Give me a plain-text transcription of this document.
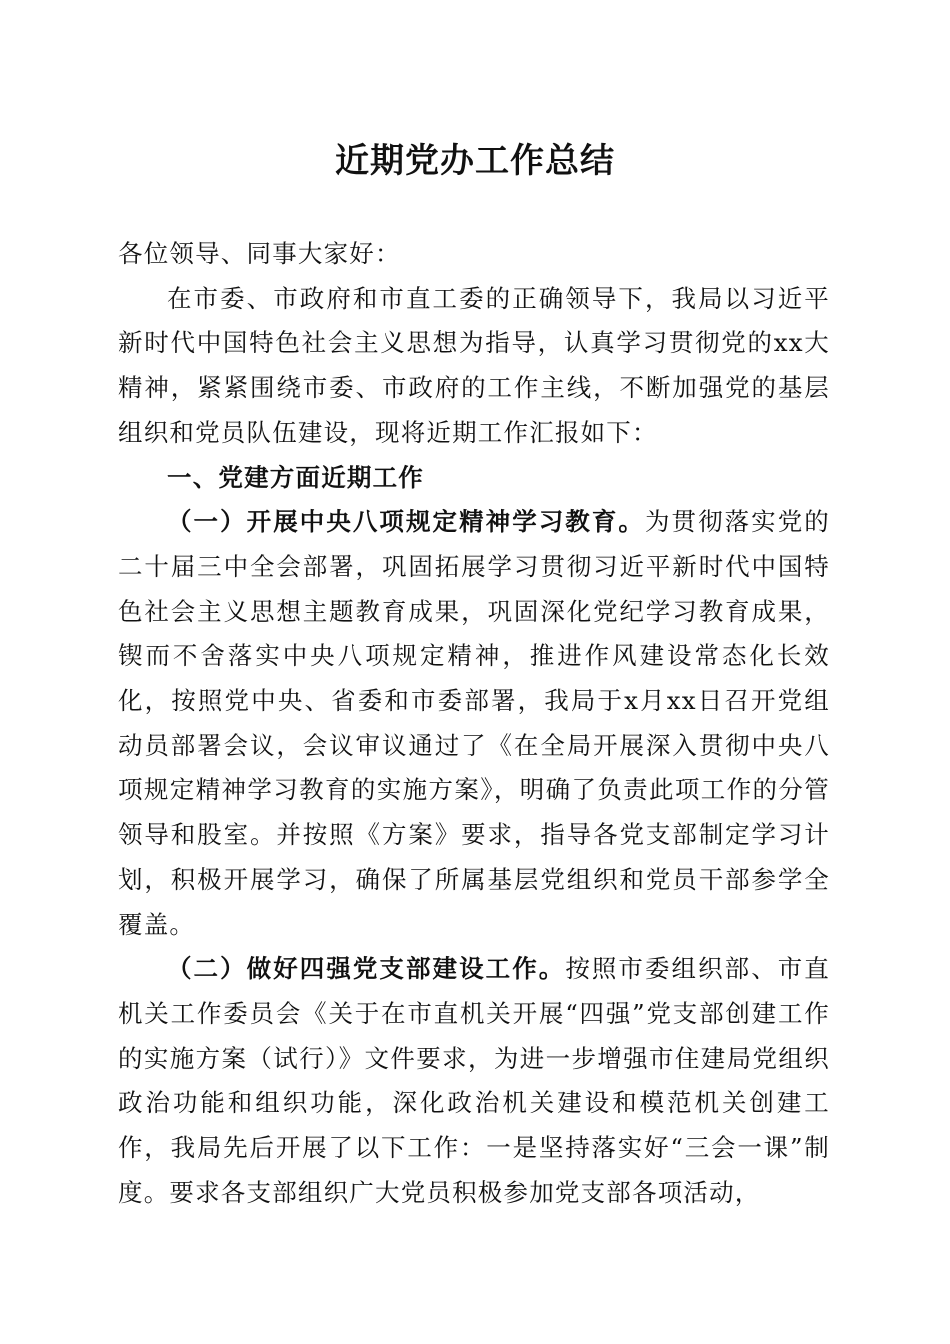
近期党办工作总结

各位领导、同事大家好：

在市委、市政府和市直工委的正确领导下，我局以习近平新时代中国特色社会主义思想为指导，认真学习贯彻党的xx大精神，紧紧围绕市委、市政府的工作主线，不断加强党的基层组织和党员队伍建设，现将近期工作汇报如下：

一、党建方面近期工作

（一）开展中央八项规定精神学习教育。为贯彻落实党的二十届三中全会部署，巩固拓展学习贯彻习近平新时代中国特色社会主义思想主题教育成果，巩固深化党纪学习教育成果，锲而不舍落实中央八项规定精神，推进作风建设常态化长效化，按照党中央、省委和市委部署，我局于x月xx日召开党组动员部署会议，会议审议通过了《在全局开展深入贯彻中央八项规定精神学习教育的实施方案》，明确了负责此项工作的分管领导和股室。并按照《方案》要求，指导各党支部制定学习计划，积极开展学习，确保了所属基层党组织和党员干部参学全覆盖。

（二）做好四强党支部建设工作。按照市委组织部、市直机关工作委员会《关于在市直机关开展“四强”党支部创建工作的实施方案（试行）》文件要求，为进一步增强市住建局党组织政治功能和组织功能，深化政治机关建设和模范机关创建工作，我局先后开展了以下工作：一是坚持落实好“三会一课”制度。要求各支部组织广大党员积极参加党支部各项活动，
